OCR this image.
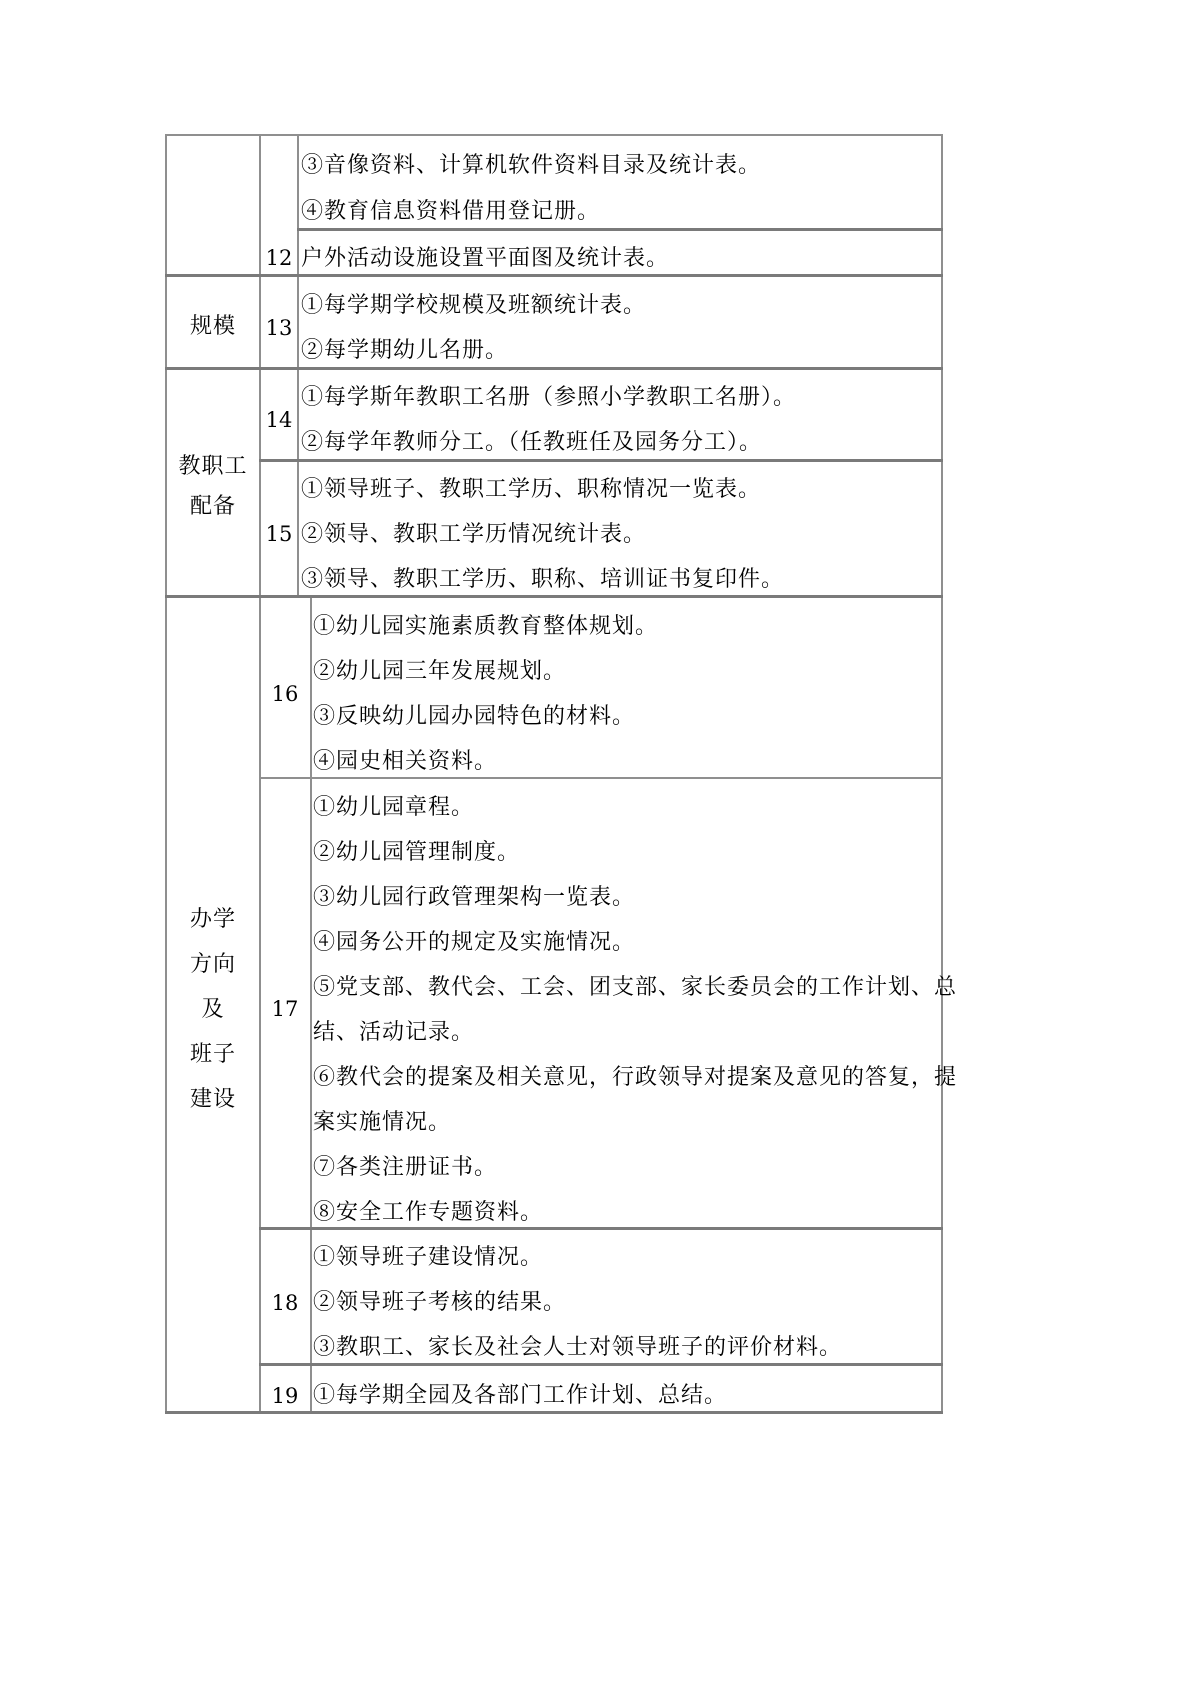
规模
教职工
配备
办学
方向
及
班子
建设
12
13
14
15
16
17
18
19
③音像资料、计算机软件资料目录及统计表。
④教育信息资料借用登记册。
户外活动设施设置平面图及统计表。
①每学期学校规模及班额统计表。
②每学期幼儿名册。
①每学斯年教职工名册（参照小学教职工名册）。
②每学年教师分工。（任教班任及园务分工）。
①领导班子、教职工学历、职称情况一览表。
②领导、教职工学历情况统计表。
③领导、教职工学历、职称、培训证书复印件。
①幼儿园实施素质教育整体规划。
②幼儿园三年发展规划。
③反映幼儿园办园特色的材料。
④园史相关资料。
①幼儿园章程。
②幼儿园管理制度。
③幼儿园行政管理架构一览表。
④园务公开的规定及实施情况。
⑤党支部、教代会、工会、团支部、家长委员会的工作计划、总
结、活动记录。
⑥教代会的提案及相关意见，行政领导对提案及意见的答复，提
案实施情况。
⑦各类注册证书。
⑧安全工作专题资料。
①领导班子建设情况。
②领导班子考核的结果。
③教职工、家长及社会人士对领导班子的评价材料。
①每学期全园及各部门工作计划、总结。
